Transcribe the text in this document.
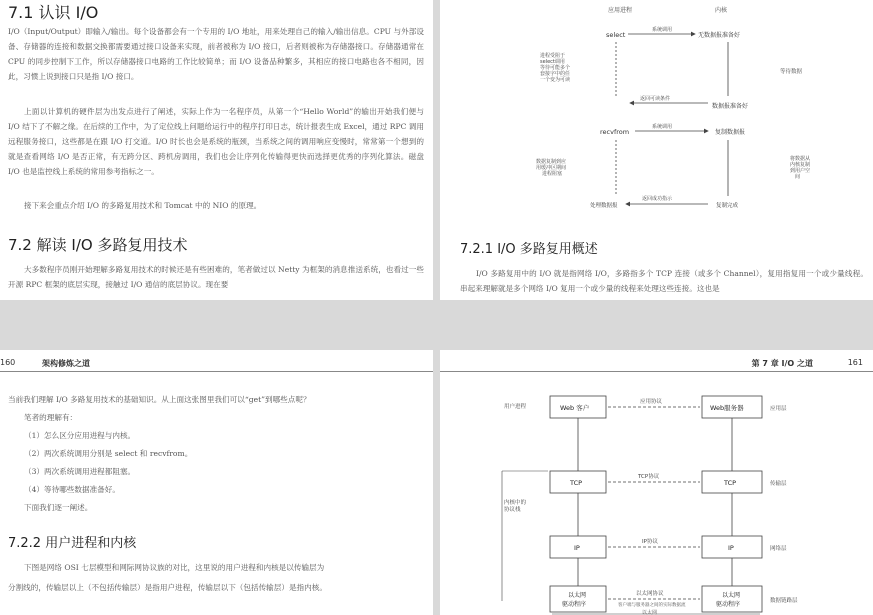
7.1 认识 I/O
I/O（Input/Output）即输入/输出。每个设备都会有一个专用的 I/O 地址，用来处理自己的输入/输出信息。CPU 与外部设备、存储器的连接和数据交换都需要通过接口设备来实现，前者被称为 I/O 接口，后者则被称为存储器接口。存储器通常在 CPU 的同步控制下工作，所以存储器接口电路的工作比较简单；而 I/O 设备品种繁多，其相应的接口电路也各不相同，因此，习惯上说到接口只是指 I/O 接口。
上面以计算机的硬件层为出发点进行了阐述，实际上作为一名程序员，从第一个“Hello World”的输出开始我们便与 I/O 结下了不解之缘。在后续的工作中，为了定位线上问题给运行中的程序打印日志，统计报表生成 Excel，通过 RPC 调用远程服务接口，这些都是在跟 I/O 打交道。I/O 时长也会是系统的瓶颈，当系统之间的调用响应变慢时，常常第一个想到的就是查看网络 I/O 是否正常，有无跨分区、跨机房调用，我们也会让序列化传输得更快而选择更优秀的序列化算法。磁盘 I/O 也是监控线上系统的常用参考指标之一。
接下来会重点介绍 I/O 的多路复用技术和 Tomcat 中的 NIO 的原理。
7.2 解读 I/O 多路复用技术
大多数程序员刚开始理解多路复用技术的时候还是有些困难的，笔者做过以 Netty 为框架的消息推送系统，也看过一些开源 RPC 框架的底层实现，接触过 I/O 通信的底层协议。现在要
应用进程	内核
select
系统调用
无数据报准备好
进程受阻于
select调用
等待可能多个
套接字中的任
一个变为可读
等待数据
返回可读条件
数据报准备好
recvfrom
系统调用
复制数据报
数据复制到应
用缓冲区期间
进程阻塞
将数据从
内核复制
到用户空
间
返回成功指示
处理数据报	复制完成
7.2.1 I/O 多路复用概述
I/O 多路复用中的 I/O 就是指网络 I/O，多路指多个 TCP 连接（或多个 Channel），复用指复用一个或少量线程。串起来理解就是多个网络 I/O 复用一个或少量的线程来处理这些连接。这也是
160	架构修炼之道
当前我们理解 I/O 多路复用技术的基础知识。从上面这张图里我们可以“get”到哪些点呢？
笔者的理解有：
（1）怎么区分应用进程与内核。
（2）两次系统调用分别是 select 和 recvfrom。
（3）两次系统调用进程都阻塞。
（4）等待哪些数据准备好。
下面我们逐一阐述。
7.2.2 用户进程和内核
下图是网络 OSI 七层模型和网际网协议族的对比，这里说的用户进程和内核是以传输层为
分割线的，传输层以上（不包括传输层）是指用户进程，传输层以下（包括传输层）是指内核。
第 7 章 I/O 之道	161
用户进程
内核中的
协议栈
Web 客户
TCP
IP
以太网
驱动程序
Web服务器
TCP
IP
以太网
驱动程序
应用协议
TCP协议
IP协议
以太网协议
应用层
传输层
网络层
数据链路层
客户端与服务器之间的实际数据流
以太网
